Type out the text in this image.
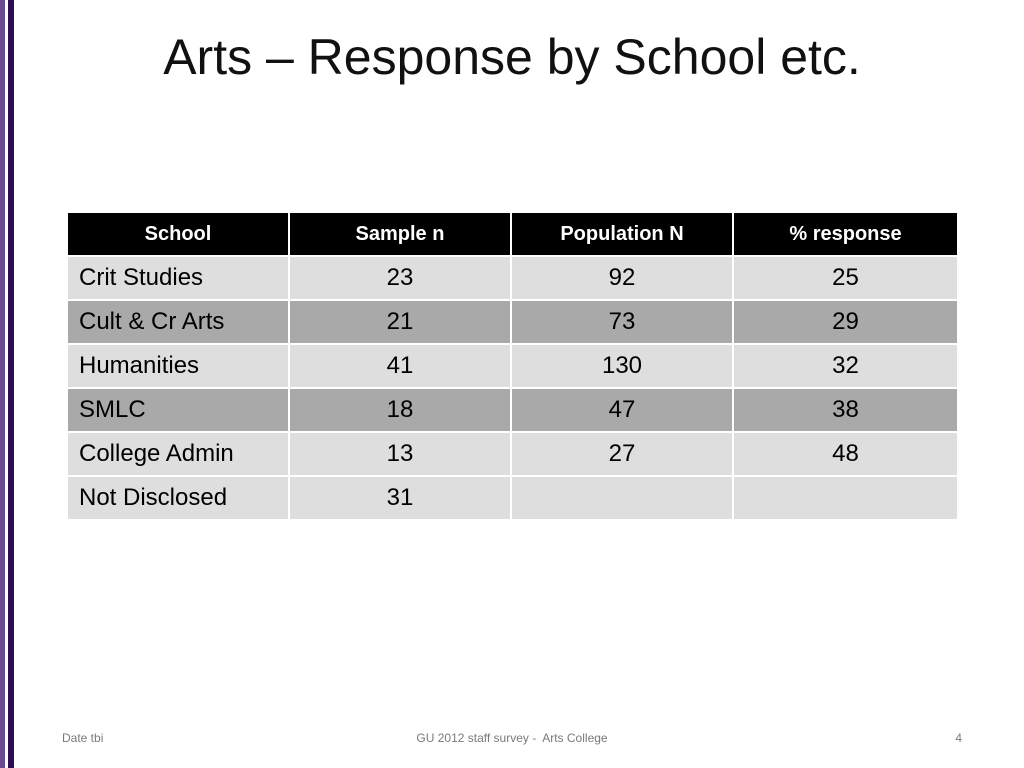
Arts – Response by School etc.
School	Sample n	Population N	% response
Crit Studies	23	92	25
Cult & Cr Arts	21	73	29
Humanities	41	130	32
SMLC	18	47	38
College Admin	13	27	48
Not Disclosed	31		
Date tbi	GU 2012 staff survey -  Arts College	4
